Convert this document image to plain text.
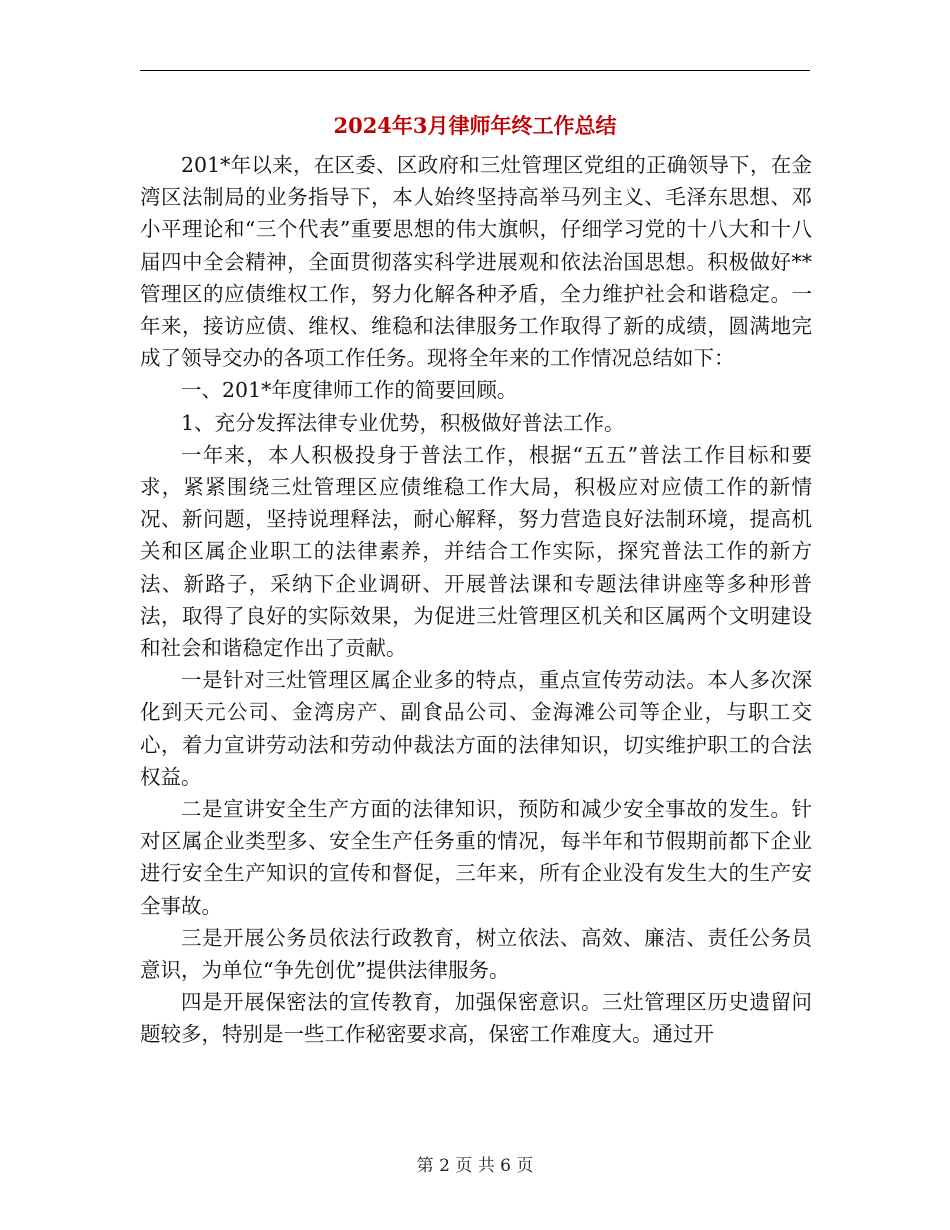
2024年3月律师年终工作总结

201*年以来，在区委、区政府和三灶管理区党组的正确领导下，在金湾区法制局的业务指导下，本人始终坚持高举马列主义、毛泽东思想、邓小平理论和“三个代表”重要思想的伟大旗帜，仔细学习党的十八大和十八届四中全会精神，全面贯彻落实科学进展观和依法治国思想。积极做好**管理区的应债维权工作，努力化解各种矛盾，全力维护社会和谐稳定。一年来，接访应债、维权、维稳和法律服务工作取得了新的成绩，圆满地完成了领导交办的各项工作任务。现将全年来的工作情况总结如下：

一、201*年度律师工作的简要回顾。

1、充分发挥法律专业优势，积极做好普法工作。

一年来，本人积极投身于普法工作，根据“五五”普法工作目标和要求，紧紧围绕三灶管理区应债维稳工作大局，积极应对应债工作的新情况、新问题，坚持说理释法，耐心解释，努力营造良好法制环境，提高机关和区属企业职工的法律素养，并结合工作实际，探究普法工作的新方法、新路子，采纳下企业调研、开展普法课和专题法律讲座等多种形普法，取得了良好的实际效果，为促进三灶管理区机关和区属两个文明建设和社会和谐稳定作出了贡献。

一是针对三灶管理区属企业多的特点，重点宣传劳动法。本人多次深化到天元公司、金湾房产、副食品公司、金海滩公司等企业，与职工交心，着力宣讲劳动法和劳动仲裁法方面的法律知识，切实维护职工的合法权益。

二是宣讲安全生产方面的法律知识，预防和减少安全事故的发生。针对区属企业类型多、安全生产任务重的情况，每半年和节假期前都下企业进行安全生产知识的宣传和督促，三年来，所有企业没有发生大的生产安全事故。

三是开展公务员依法行政教育，树立依法、高效、廉洁、责任公务员意识，为单位“争先创优”提供法律服务。

四是开展保密法的宣传教育，加强保密意识。三灶管理区历史遗留问题较多，特别是一些工作秘密要求高，保密工作难度大。通过开

第 2 页 共 6 页
